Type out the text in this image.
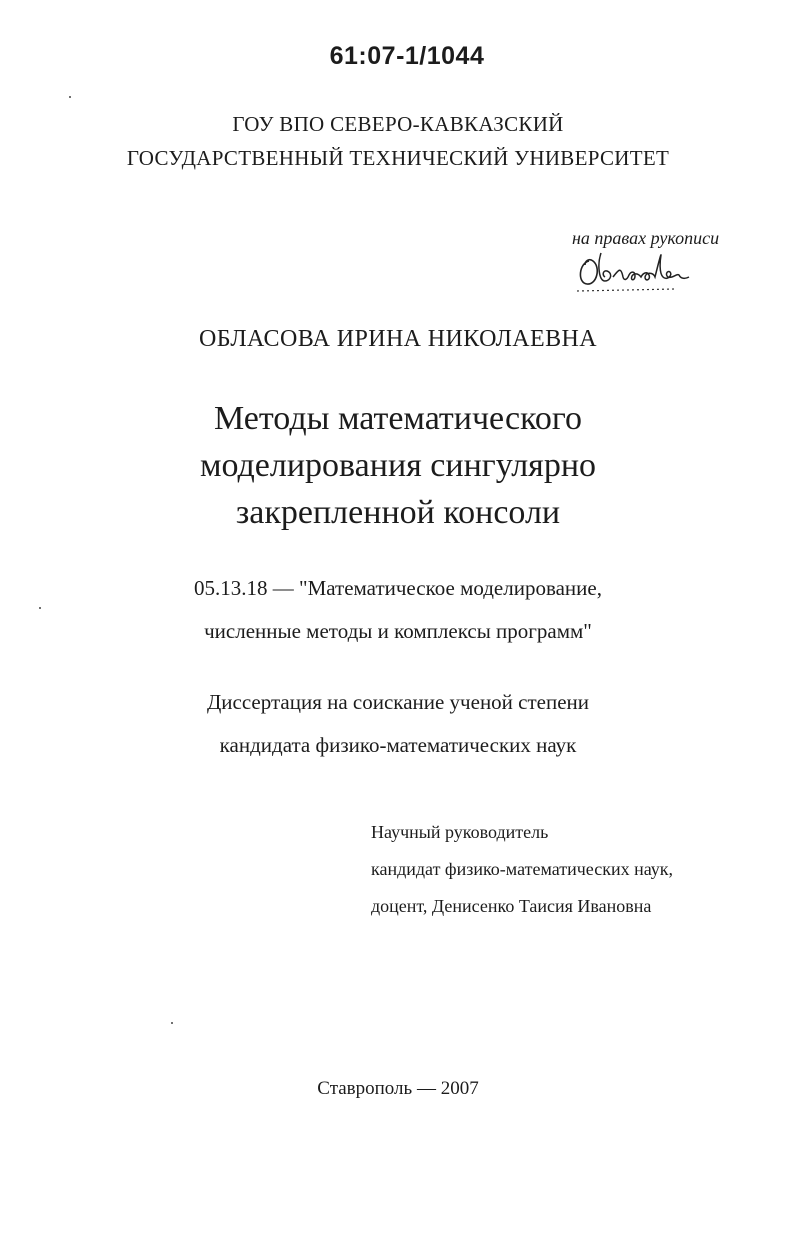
61:07-1/1044
ГОУ ВПО СЕВЕРО-КАВКАЗСКИЙ
ГОСУДАРСТВЕННЫЙ ТЕХНИЧЕСКИЙ УНИВЕРСИТЕТ
на правах рукописи
ОБЛАСОВА ИРИНА НИКОЛАЕВНА
Методы математического
моделирования сингулярно
закрепленной консоли
05.13.18 — "Математическое моделирование,
численные методы и комплексы программ"
Диссертация на соискание ученой степени
кандидата физико-математических наук
Научный руководитель
кандидат физико-математических наук,
доцент, Денисенко Таисия Ивановна
Ставрополь — 2007
